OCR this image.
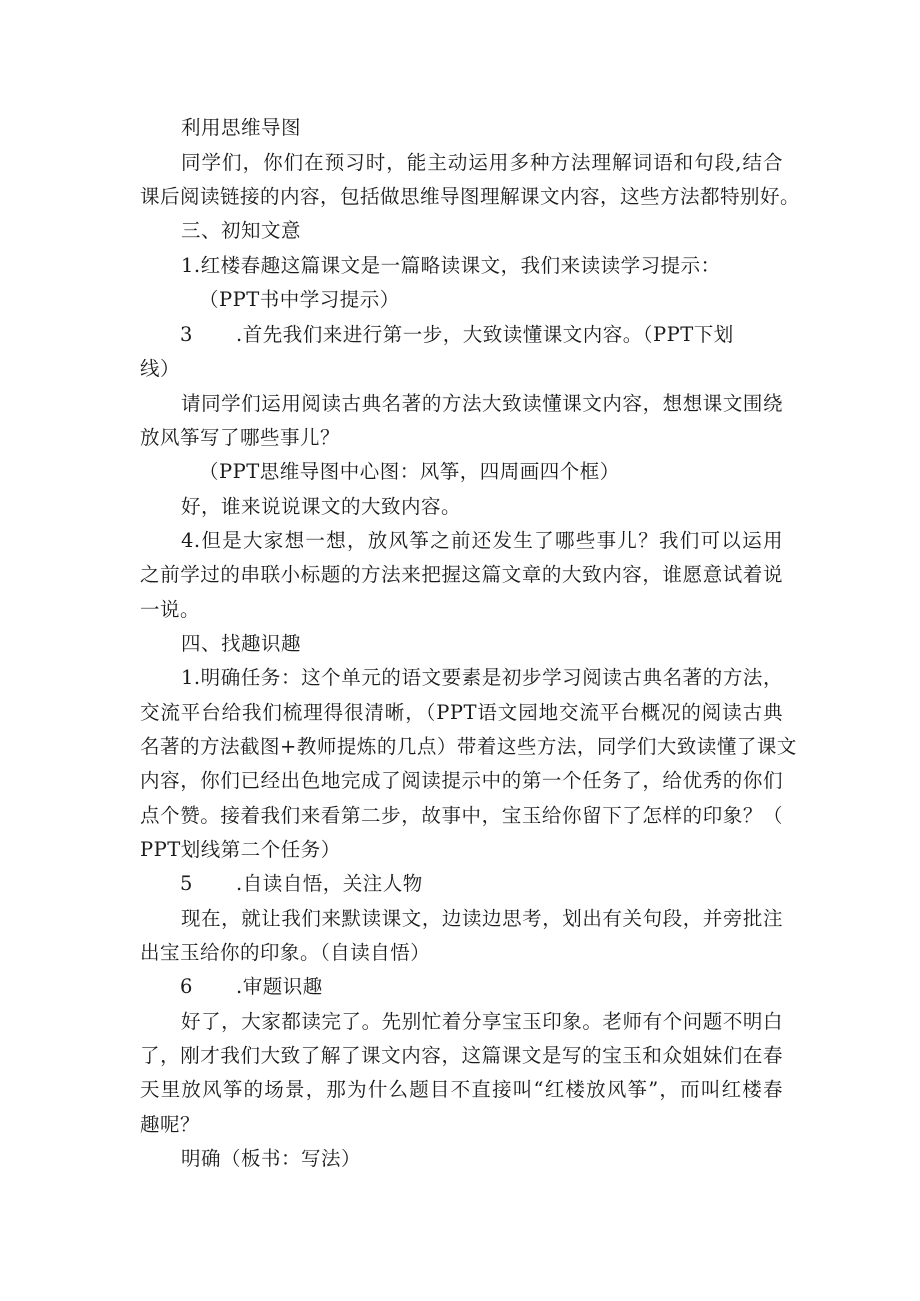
利用思维导图
同学们，你们在预习时，能主动运用多种方法理解词语和句段,结合
课后阅读链接的内容，包括做思维导图理解课文内容，这些方法都特别好。
三、初知文意
1.红楼春趣这篇课文是一篇略读课文，我们来读读学习提示：
（PPT书中学习提示）
3 .首先我们来进行第一步，大致读懂课文内容。（PPT下划
线）
请同学们运用阅读古典名著的方法大致读懂课文内容，想想课文围绕
放风筝写了哪些事儿？
（PPT思维导图中心图：风筝，四周画四个框）
好，谁来说说课文的大致内容。
4.但是大家想一想，放风筝之前还发生了哪些事儿？我们可以运用
之前学过的串联小标题的方法来把握这篇文章的大致内容，谁愿意试着说
一说。
四、找趣识趣
1.明确任务：这个单元的语文要素是初步学习阅读古典名著的方法，
交流平台给我们梳理得很清晰，（PPT语文园地交流平台概况的阅读古典
名著的方法截图+教师提炼的几点）带着这些方法，同学们大致读懂了课文
内容，你们已经出色地完成了阅读提示中的第一个任务了，给优秀的你们
点个赞。接着我们来看第二步，故事中，宝玉给你留下了怎样的印象？（
PPT划线第二个任务）
5 .自读自悟，关注人物
现在，就让我们来默读课文，边读边思考，划出有关句段，并旁批注
出宝玉给你的印象。（自读自悟）
6 .审题识趣
好了，大家都读完了。先别忙着分享宝玉印象。老师有个问题不明白
了，刚才我们大致了解了课文内容，这篇课文是写的宝玉和众姐妹们在春
天里放风筝的场景，那为什么题目不直接叫“红楼放风筝”，而叫红楼春
趣呢？
明确（板书：写法）
